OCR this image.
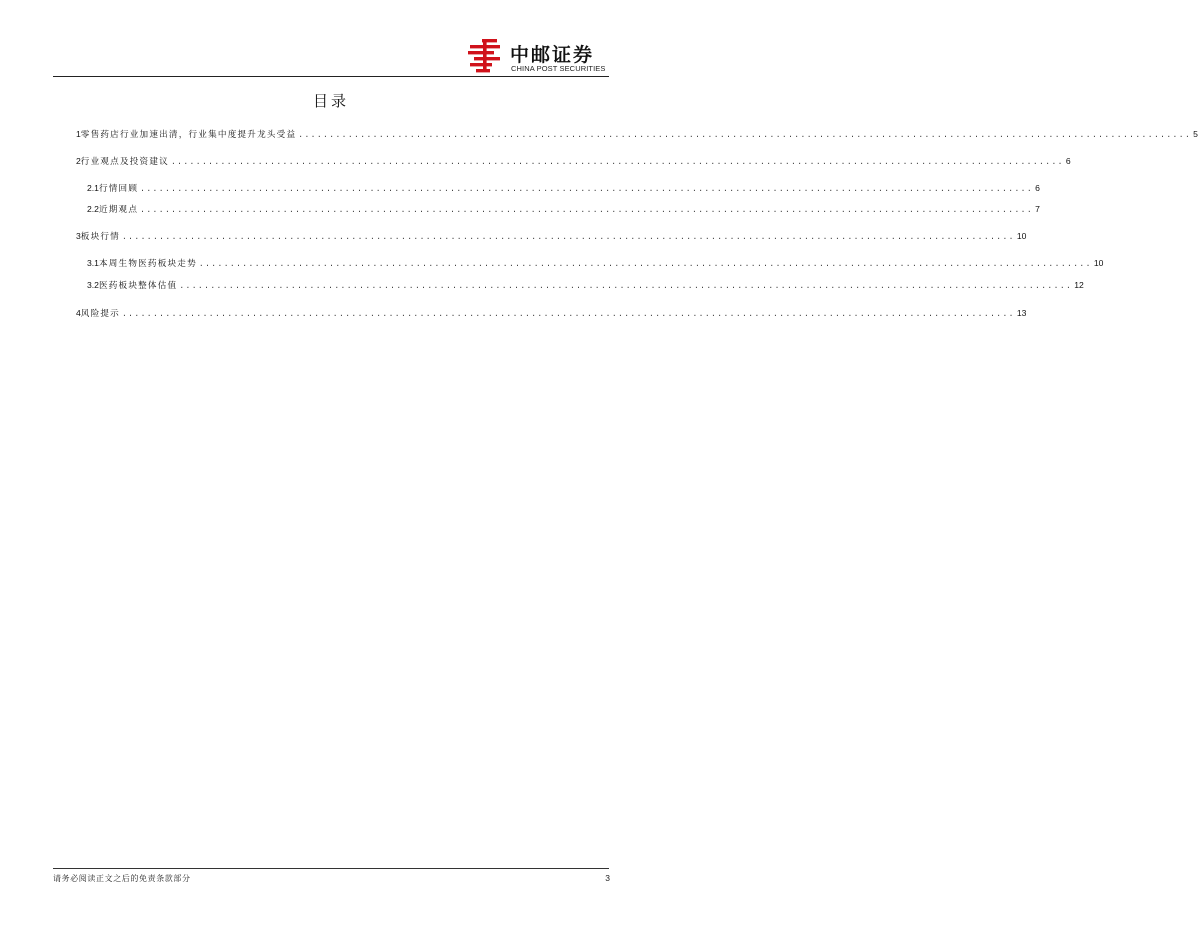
中邮证券
CHINA POST SECURITIES
目录
1 零售药店行业加速出清，行业集中度提升龙头受益 ................................................................................................................................................ 5
2 行业观点及投资建议 ................................................................................................................................................ 6
2.1 行情回顾 ................................................................................................................................................ 6
2.2 近期观点 ................................................................................................................................................ 7
3 板块行情 ................................................................................................................................................ 10
3.1 本周生物医药板块走势 ................................................................................................................................................ 10
3.2 医药板块整体估值 ................................................................................................................................................ 12
4 风险提示 ................................................................................................................................................ 13
请务必阅读正文之后的免责条款部分	3
